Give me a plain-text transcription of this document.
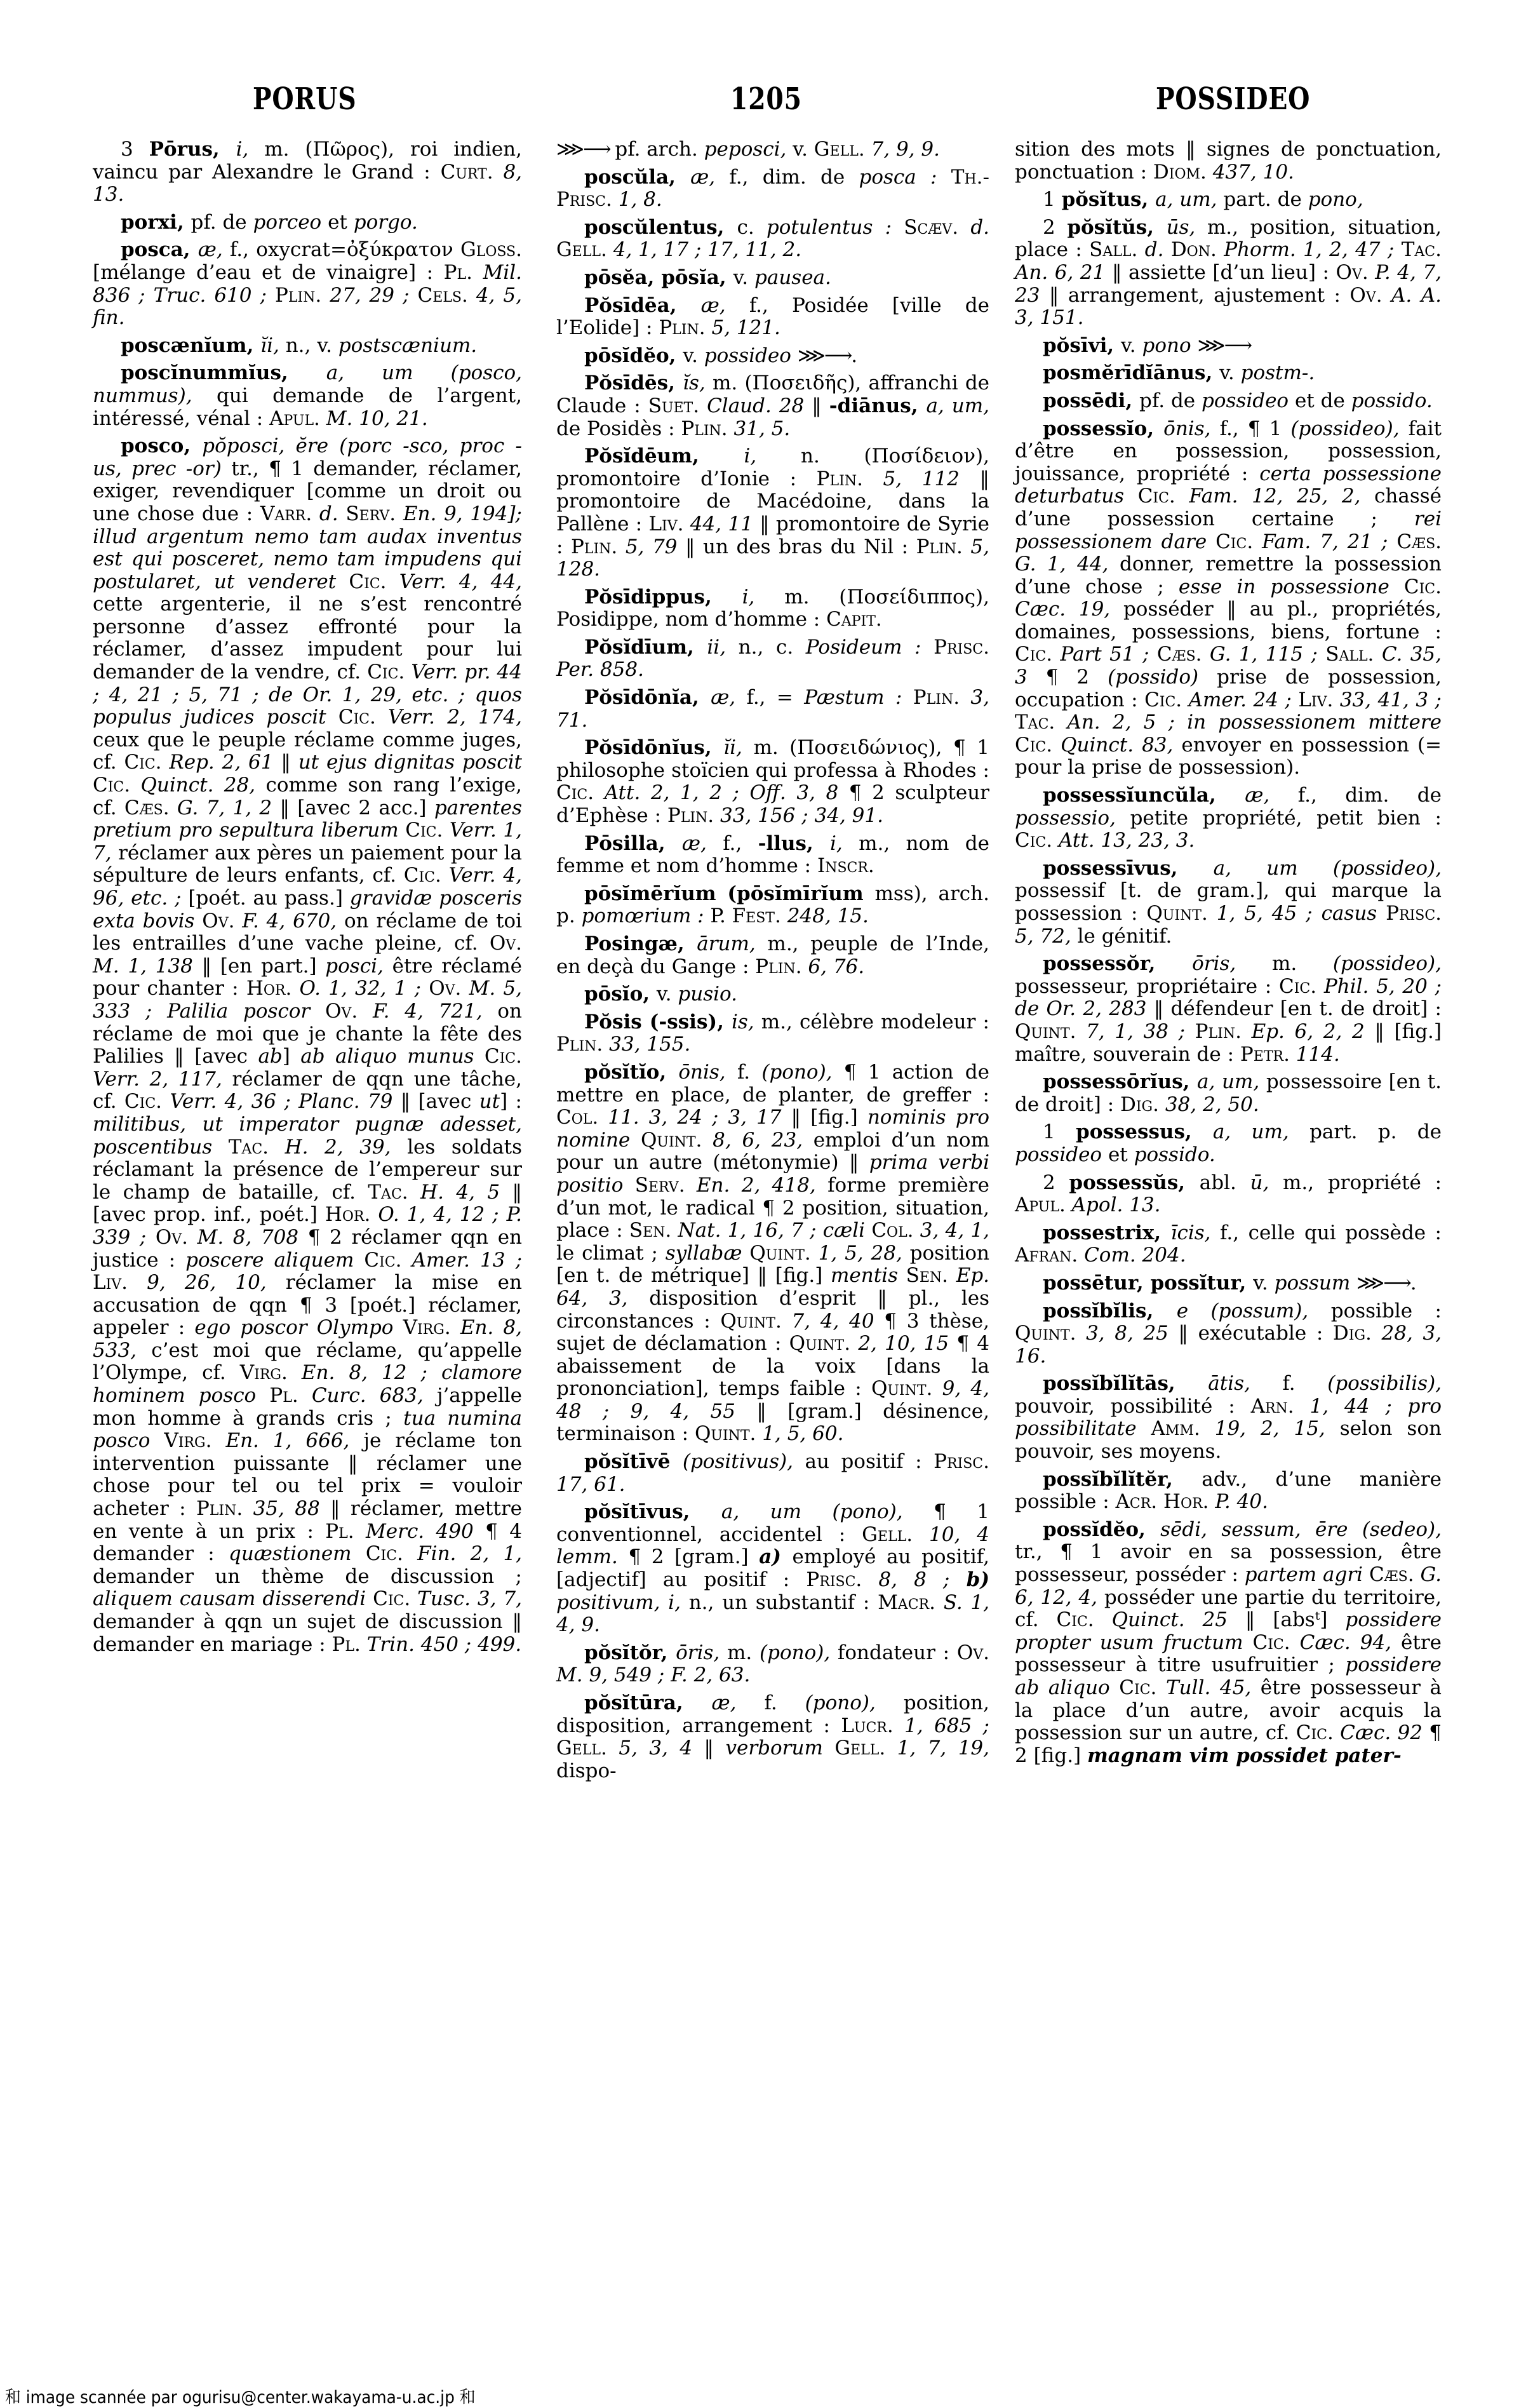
PORUS	1205	POSSIDEO

3 Pōrus, i, m. (Πῶρος), roi indien, vaincu par Alexandre le Grand : Curt. 8, 13.

porxi, pf. de porceo et porgo.

posca, æ, f., oxycrat=ὀξύκρατον Gloss. [mélange d’eau et de vinaigre] : Pl. Mil. 836 ; Truc. 610 ; Plin. 27, 29 ; Cels. 4, 5, fin.

poscænĭum, ĭi, n., v. postscænium.

poscĭnummĭus, a, um (posco, nummus), qui demande de l’argent, intéressé, vénal : Apul. M. 10, 21.

posco, pŏposci, ĕre (porc -sco, proc -us, prec -or) tr., ¶ 1 demander, réclamer, exiger, revendiquer [comme un droit ou une chose due : Varr. d. Serv. En. 9, 194]; illud argentum nemo tam audax inventus est qui posceret, nemo tam impudens qui postularet, ut venderet Cic. Verr. 4, 44, cette argenterie, il ne s’est rencontré personne d’assez effronté pour la réclamer, d’assez impudent pour lui demander de la vendre, cf. Cic. Verr. pr. 44 ; 4, 21 ; 5, 71 ; de Or. 1, 29, etc. ; quos populus judices poscit Cic. Verr. 2, 174, ceux que le peuple réclame comme juges, cf. Cic. Rep. 2, 61 ‖ ut ejus dignitas poscit Cic. Quinct. 28, comme son rang l’exige, cf. Cæs. G. 7, 1, 2 ‖ [avec 2 acc.] parentes pretium pro sepultura liberum Cic. Verr. 1, 7, réclamer aux pères un paiement pour la sépulture de leurs enfants, cf. Cic. Verr. 4, 96, etc. ; [poét. au pass.] gravidæ posceris exta bovis Ov. F. 4, 670, on réclame de toi les entrailles d’une vache pleine, cf. Ov. M. 1, 138 ‖ [en part.] posci, être réclamé pour chanter : Hor. O. 1, 32, 1 ; Ov. M. 5, 333 ; Palilia poscor Ov. F. 4, 721, on réclame de moi que je chante la fête des Palilies ‖ [avec ab] ab aliquo munus Cic. Verr. 2, 117, réclamer de qqn une tâche, cf. Cic. Verr. 4, 36 ; Planc. 79 ‖ [avec ut] : militibus, ut imperator pugnæ adesset, poscentibus Tac. H. 2, 39, les soldats réclamant la présence de l’empereur sur le champ de bataille, cf. Tac. H. 4, 5 ‖ [avec prop. inf., poét.] Hor. O. 1, 4, 12 ; P. 339 ; Ov. M. 8, 708 ¶ 2 réclamer qqn en justice : poscere aliquem Cic. Amer. 13 ; Liv. 9, 26, 10, réclamer la mise en accusation de qqn ¶ 3 [poét.] réclamer, appeler : ego poscor Olympo Virg. En. 8, 533, c’est moi que réclame, qu’appelle l’Olympe, cf. Virg. En. 8, 12 ; clamore hominem posco Pl. Curc. 683, j’appelle mon homme à grands cris ; tua numina posco Virg. En. 1, 666, je réclame ton intervention puissante ‖ réclamer une chose pour tel ou tel prix = vouloir acheter : Plin. 35, 88 ‖ réclamer, mettre en vente à un prix : Pl. Merc. 490 ¶ 4 demander : quæstionem Cic. Fin. 2, 1, demander un thème de discussion ; aliquem causam disserendi Cic. Tusc. 3, 7, demander à qqn un sujet de discussion ‖ demander en mariage : Pl. Trin. 450 ; 499.

⋙⟶ pf. arch. peposci, v. Gell. 7, 9, 9.

poscŭla, æ, f., dim. de posca : Th.-Prisc. 1, 8.

poscŭlentus, c. potulentus : Scæv. d. Gell. 4, 1, 17 ; 17, 11, 2.

pōsĕa, pōsĭa, v. pausea.

Pŏsīdēa, æ, f., Posidée [ville de l’Eolide] : Plin. 5, 121.

pōsĭdĕo, v. possideo ⋙⟶.

Pŏsīdēs, ĭs, m. (Ποσειδῆς), affranchi de Claude : Suet. Claud. 28 ‖ -diānus, a, um, de Posidès : Plin. 31, 5.

Pŏsĭdēum, i, n. (Ποσίδειον), promontoire d’Ionie : Plin. 5, 112 ‖ promontoire de Macédoine, dans la Pallène : Liv. 44, 11 ‖ promontoire de Syrie : Plin. 5, 79 ‖ un des bras du Nil : Plin. 5, 128.

Pŏsīdippus, i, m. (Ποσείδιππος), Posidippe, nom d’homme : Capit.

Pŏsĭdīum, ii, n., c. Posideum : Prisc. Per. 858.

Pŏsīdōnĭa, æ, f., = Pæstum : Plin. 3, 71.

Pŏsīdōnĭus, ĭi, m. (Ποσειδώνιος), ¶ 1 philosophe stoïcien qui professa à Rhodes : Cic. Att. 2, 1, 2 ; Off. 3, 8 ¶ 2 sculpteur d’Ephèse : Plin. 33, 156 ; 34, 91.

Pōsilla, æ, f., -llus, i, m., nom de femme et nom d’homme : Inscr.

pōsĭmērĭum (pōsĭmīrĭum mss), arch. p. pomœrium : P. Fest. 248, 15.

Posingæ, ārum, m., peuple de l’Inde, en deçà du Gange : Plin. 6, 76.

pōsĭo, v. pusio.

Pŏsis (-ssis), is, m., célèbre modeleur : Plin. 33, 155.

pŏsĭtĭo, ōnis, f. (pono), ¶ 1 action de mettre en place, de planter, de greffer : Col. 11. 3, 24 ; 3, 17 ‖ [fig.] nominis pro nomine Quint. 8, 6, 23, emploi d’un nom pour un autre (métonymie) ‖ prima verbi positio Serv. En. 2, 418, forme première d’un mot, le radical ¶ 2 position, situation, place : Sen. Nat. 1, 16, 7 ; cæli Col. 3, 4, 1, le climat ; syllabæ Quint. 1, 5, 28, position [en t. de métrique] ‖ [fig.] mentis Sen. Ep. 64, 3, disposition d’esprit ‖ pl., les circonstances : Quint. 7, 4, 40 ¶ 3 thèse, sujet de déclamation : Quint. 2, 10, 15 ¶ 4 abaissement de la voix [dans la prononciation], temps faible : Quint. 9, 4, 48 ; 9, 4, 55 ‖ [gram.] désinence, terminaison : Quint. 1, 5, 60.

pŏsĭtīvē (positivus), au positif : Prisc. 17, 61.

pŏsĭtīvus, a, um (pono), ¶ 1 conventionnel, accidentel : Gell. 10, 4 lemm. ¶ 2 [gram.] a) employé au positif, [adjectif] au positif : Prisc. 8, 8 ; b) positivum, i, n., un substantif : Macr. S. 1, 4, 9.

pŏsĭtŏr, ōris, m. (pono), fondateur : Ov. M. 9, 549 ; F. 2, 63.

pŏsĭtūra, æ, f. (pono), position, disposition, arrangement : Lucr. 1, 685 ; Gell. 5, 3, 4 ‖ verborum Gell. 1, 7, 19, dispo-

sition des mots ‖ signes de ponctuation, ponctuation : Diom. 437, 10.

1 pŏsĭtus, a, um, part. de pono,

2 pŏsĭtŭs, ūs, m., position, situation, place : Sall. d. Don. Phorm. 1, 2, 47 ; Tac. An. 6, 21 ‖ assiette [d’un lieu] : Ov. P. 4, 7, 23 ‖ arrangement, ajustement : Ov. A. A. 3, 151.

pŏsīvi, v. pono ⋙⟶

posmĕrīdĭānus, v. postm-.

possēdi, pf. de possideo et de possido.

possessĭo, ōnis, f., ¶ 1 (possideo), fait d’être en possession, possession, jouissance, propriété : certa possessione deturbatus Cic. Fam. 12, 25, 2, chassé d’une possession certaine ; rei possessionem dare Cic. Fam. 7, 21 ; Cæs. G. 1, 44, donner, remettre la possession d’une chose ; esse in possessione Cic. Cæc. 19, posséder ‖ au pl., propriétés, domaines, possessions, biens, fortune : Cic. Part 51 ; Cæs. G. 1, 115 ; Sall. C. 35, 3 ¶ 2 (possido) prise de possession, occupation : Cic. Amer. 24 ; Liv. 33, 41, 3 ; Tac. An. 2, 5 ; in possessionem mittere Cic. Quinct. 83, envoyer en possession (= pour la prise de possession).

possessĭuncŭla, æ, f., dim. de possessio, petite propriété, petit bien : Cic. Att. 13, 23, 3.

possessīvus, a, um (possideo), possessif [t. de gram.], qui marque la possession : Quint. 1, 5, 45 ; casus Prisc. 5, 72, le génitif.

possessŏr, ōris, m. (possideo), possesseur, propriétaire : Cic. Phil. 5, 20 ; de Or. 2, 283 ‖ défendeur [en t. de droit] : Quint. 7, 1, 38 ; Plin. Ep. 6, 2, 2 ‖ [fig.] maître, souverain de : Petr. 114.

possessōrĭus, a, um, possessoire [en t. de droit] : Dig. 38, 2, 50.

1 possessus, a, um, part. p. de possideo et possido.

2 possessŭs, abl. ū, m., propriété : Apul. Apol. 13.

possestrix, īcis, f., celle qui possède : Afran. Com. 204.

possētur, possĭtur, v. possum ⋙⟶.

possĭbĭlis, e (possum), possible : Quint. 3, 8, 25 ‖ exécutable : Dig. 28, 3, 16.

possĭbĭlĭtās, ātis, f. (possibilis), pouvoir, possibilité : Arn. 1, 44 ; pro possibilitate Amm. 19, 2, 15, selon son pouvoir, ses moyens.

possĭbĭlĭtĕr, adv., d’une manière possible : Acr. Hor. P. 40.

possĭdĕo, sēdi, sessum, ēre (sedeo), tr., ¶ 1 avoir en sa possession, être possesseur, posséder : partem agri Cæs. G. 6, 12, 4, posséder une partie du territoire, cf. Cic. Quinct. 25 ‖ [absᵗ] possidere propter usum fructum Cic. Cæc. 94, être possesseur à titre usufruitier ; possidere ab aliquo Cic. Tull. 45, être possesseur à la place d’un autre, avoir acquis la possession sur un autre, cf. Cic. Cæc. 92 ¶ 2 [fig.] magnam vim possidet pater-

和 image scannée par ogurisu@center.wakayama-u.ac.jp 和
